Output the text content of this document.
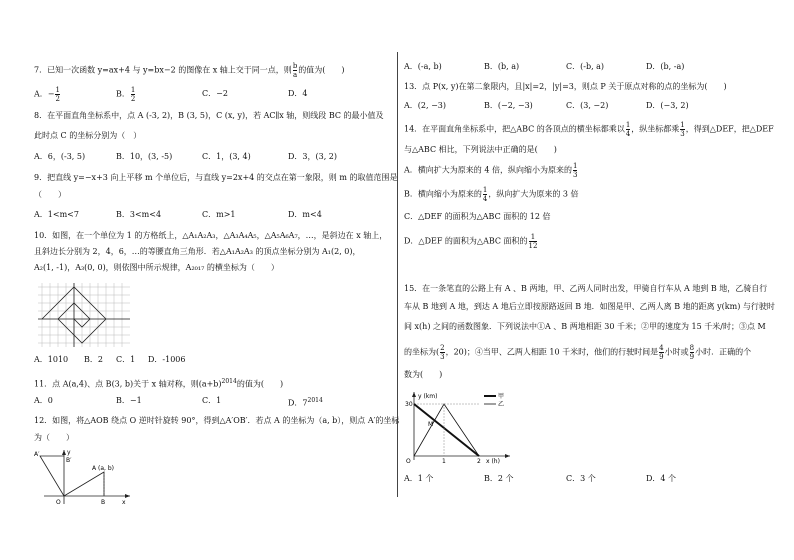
7．已知一次函数 y=ax+4 与 y=bx−2 的图像在 x 轴上交于同一点，则 $\frac{b}{a}$ 的值为(　　)
A．− $\frac{1}{2}$	B． $\frac{1}{2}$	C．−2	D．4
8．在平面直角坐标系中，点 A (-3, 2)，B (3, 5)，C (x, y)，若 AC∥x 轴，则线段 BC 的最小值及
此时点 C 的坐标分别为（　）
A．6，(-3, 5)	B．10，(3, -5)	C．1，(3, 4)	D．3，(3, 2)
9．把直线 y=−x+3 向上平移 m 个单位后，与直线 y=2x+4 的交点在第一象限，则 m 的取值范围是
（　　）
A．1<m<7	B．3<m<4	C．m>1	D．m<4
10．如图，在一个单位为 1 的方格纸上，△A₁A₂A₃，△A₃A₄A₅，△A₅A₆A₇，…，是斜边在 x 轴上，
且斜边长分别为 2，4，6，…的等腰直角三角形．若△A₁A₂A₃ 的顶点坐标分别为 A₁(2, 0)，
A₂(1, -1)，A₃(0, 0)，则依图中所示规律，A₂₀₁₇ 的横坐标为（　　）
A．1010 B．2 C．1 D．-1006
11．点 A(a,4)、点 B(3, b)关于 x 轴对称，则$(a+b)^{2014}$的值为(　　)
A．0	B．−1	C．1	D．$7^{2014}$
12．如图，将△AOB 绕点 O 逆时针旋转 90°，得到△A′OB′．若点 A 的坐标为（a, b），则点 A′的坐标
为（　　）
A′
B′
y
A (a, b)
O	B	x
A．(-a, b)	B．(b, a)	C．(-b, a)	D．(b, -a)
13．点 P(x, y)在第二象限内，且|x|=2，|y|=3，则点 P 关于原点对称的点的坐标为(　　)
A．(2, −3)	B．(−2, −3)	C．(3, −2)	D．(−3, 2)
14．在平面直角坐标系中，把△ABC 的各顶点的横坐标都乘以 $\frac{1}{4}$ ，纵坐标都乘 $\frac{1}{3}$ ，得到△DEF，把△DEF
与△ABC 相比，下列说法中正确的是(　　)
A．横向扩大为原来的 4 倍，纵向缩小为原来的 $\frac{1}{3}$
B．横向缩小为原来的 $\frac{1}{4}$ ，纵向扩大为原来的 3 倍
C．△DEF 的面积为△ABC 面积的 12 倍
D．△DEF 的面积为△ABC 面积的 $\frac{1}{12}$
15．在一条笔直的公路上有 A 、B 两地，甲、乙两人同时出发，甲骑自行车从 A 地到 B 地，乙骑自行
车从 B 地到 A 地，到达 A 地后立即按原路返回 B 地．如图是甲、乙两人离 B 地的距离 y(km) 与行驶时
间 x(h) 之间的函数图象．下列说法中①A 、B 两地相距 30 千米；②甲的速度为 15 千米/时；③点 M
的坐标为( $\frac{2}{3}$ ，20)；④当甲、乙两人相距 10 千米时，他们的行驶时间是 $\frac{4}{9}$ 小时或 $\frac{8}{9}$ 小时．正确的个
数为(　　)
y (km)
30
M
O	1	2 x (h)
甲
乙
A．1 个	B．2 个	C．3 个	D．4 个
